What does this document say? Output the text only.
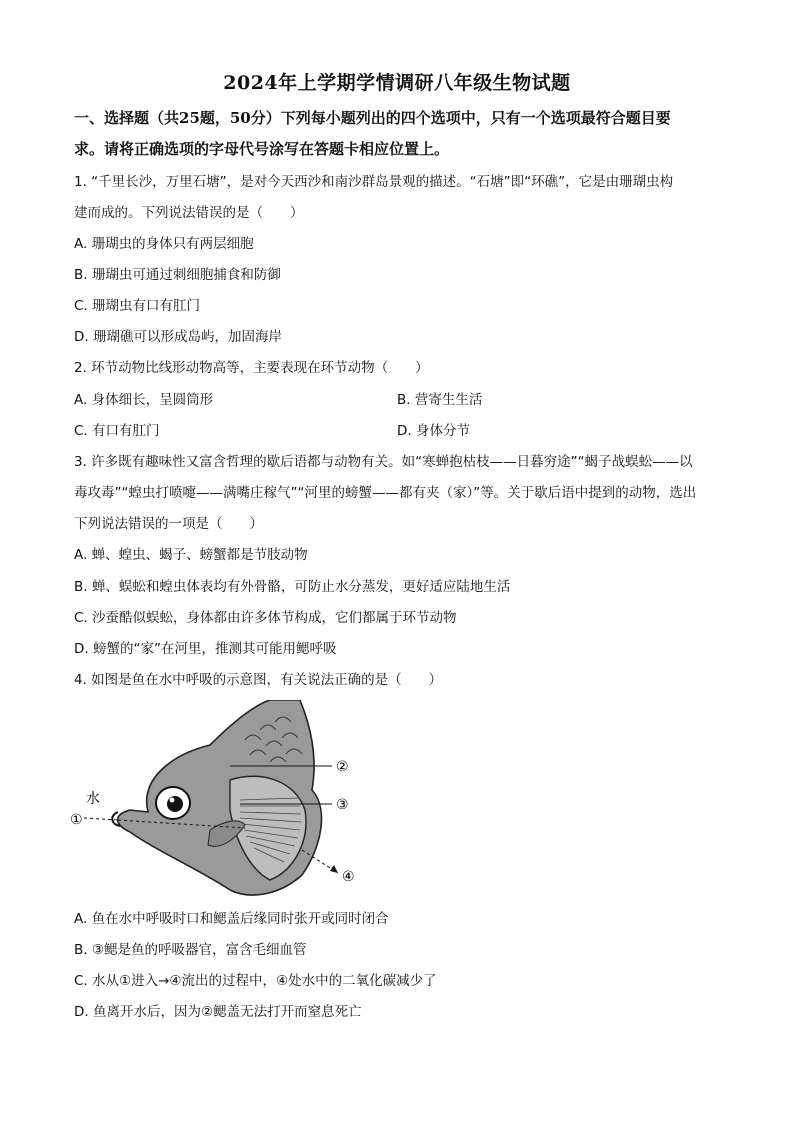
2024年上学期学情调研八年级生物试题
一、选择题（共25题，50分）下列每小题列出的四个选项中，只有一个选项最符合题目要
求。请将正确选项的字母代号涂写在答题卡相应位置上。
1. “千里长沙，万里石塘”，是对今天西沙和南沙群岛景观的描述。“石塘”即“环礁”，它是由珊瑚虫构
建而成的。下列说法错误的是（　　）
A. 珊瑚虫的身体只有两层细胞
B. 珊瑚虫可通过刺细胞捕食和防御
C. 珊瑚虫有口有肛门
D. 珊瑚礁可以形成岛屿，加固海岸
2. 环节动物比线形动物高等，主要表现在环节动物（　　）
A. 身体细长，呈圆筒形	B. 营寄生生活
C. 有口有肛门	D. 身体分节
3. 许多既有趣味性又富含哲理的歇后语都与动物有关。如“寒蝉抱枯枝——日暮穷途”“蝎子战蜈蚣——以
毒攻毒”“蝗虫打喷嚏——满嘴庄稼气”“河里的螃蟹——都有夹（家）”等。关于歇后语中提到的动物，选出
下列说法错误的一项是（　　）
A. 蝉、蝗虫、蝎子、螃蟹都是节肢动物
B. 蝉、蜈蚣和蝗虫体表均有外骨骼，可防止水分蒸发，更好适应陆地生活
C. 沙蚕酷似蜈蚣，身体都由许多体节构成，它们都属于环节动物
D. 螃蟹的“家”在河里，推测其可能用鳃呼吸
4. 如图是鱼在水中呼吸的示意图，有关说法正确的是（　　）
水
①
②
③
④
A. 鱼在水中呼吸时口和鳃盖后缘同时张开或同时闭合
B. ③鳃是鱼的呼吸器官，富含毛细血管
C. 水从①进入→④流出的过程中，④处水中的二氧化碳减少了
D. 鱼离开水后，因为②鳃盖无法打开而窒息死亡
